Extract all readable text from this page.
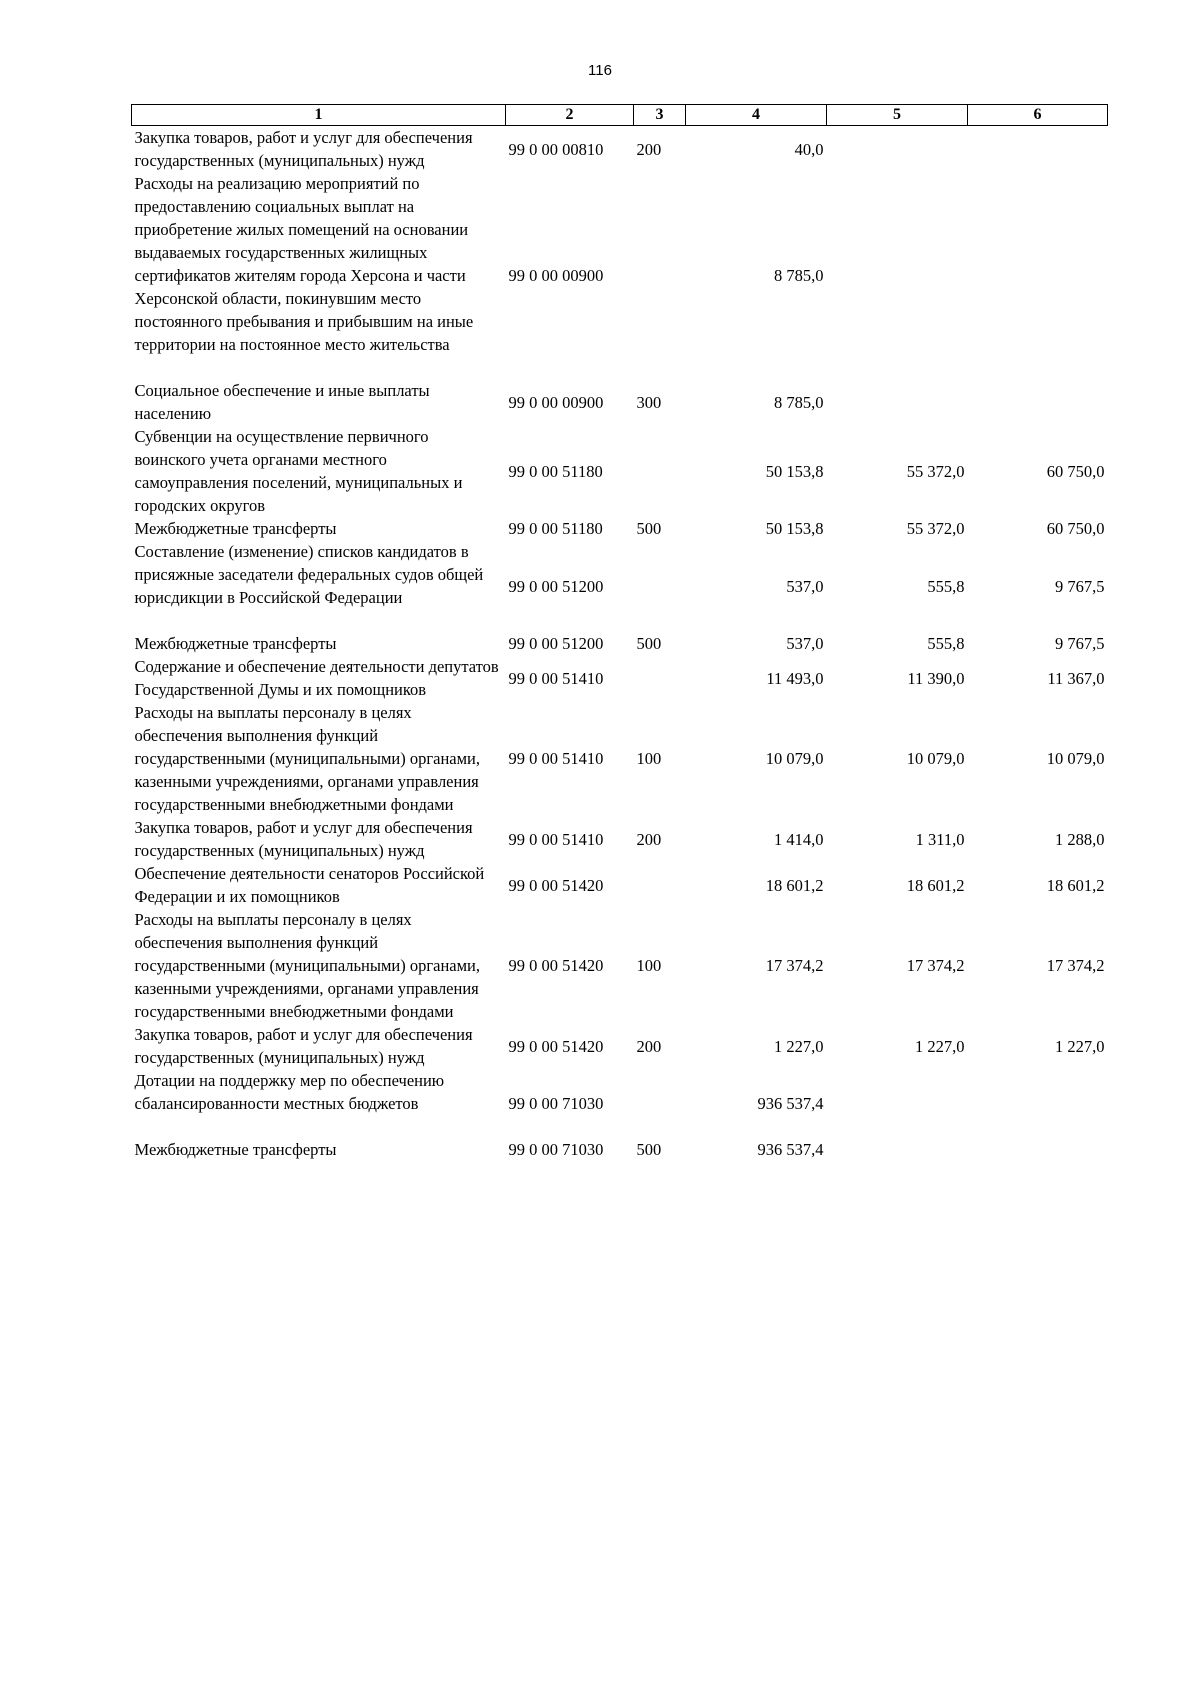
116
1	2	3	4	5	6
Закупка товаров, работ и услуг для обеспечения государственных (муниципальных) нужд	99 0 00 00810	200	40,0		
Расходы на реализацию мероприятий по предоставлению социальных выплат на приобретение жилых помещений на основании выдаваемых государственных жилищных сертификатов жителям города Херсона и части Херсонской области, покинувшим место постоянного пребывания и прибывшим на иные территории на постоянное место жительства	99 0 00 00900		8 785,0		
Социальное обеспечение и иные выплаты населению	99 0 00 00900	300	8 785,0		
Субвенции на осуществление первичного воинского учета органами местного самоуправления поселений, муниципальных и городских округов	99 0 00 51180		50 153,8	55 372,0	60 750,0
Межбюджетные трансферты	99 0 00 51180	500	50 153,8	55 372,0	60 750,0
Составление (изменение) списков кандидатов в присяжные заседатели федеральных судов общей юрисдикции в Российской Федерации	99 0 00 51200		537,0	555,8	9 767,5
Межбюджетные трансферты	99 0 00 51200	500	537,0	555,8	9 767,5
Содержание и обеспечение деятельности депутатов Государственной Думы и их помощников	99 0 00 51410		11 493,0	11 390,0	11 367,0
Расходы на выплаты персоналу в целях обеспечения выполнения функций государственными (муниципальными) органами, казенными учреждениями, органами управления государственными внебюджетными фондами	99 0 00 51410	100	10 079,0	10 079,0	10 079,0
Закупка товаров, работ и услуг для обеспечения государственных (муниципальных) нужд	99 0 00 51410	200	1 414,0	1 311,0	1 288,0
Обеспечение деятельности сенаторов Российской Федерации и их помощников	99 0 00 51420		18 601,2	18 601,2	18 601,2
Расходы на выплаты персоналу в целях обеспечения выполнения функций государственными (муниципальными) органами, казенными учреждениями, органами управления государственными внебюджетными фондами	99 0 00 51420	100	17 374,2	17 374,2	17 374,2
Закупка товаров, работ и услуг для обеспечения государственных (муниципальных) нужд	99 0 00 51420	200	1 227,0	1 227,0	1 227,0
Дотации на поддержку мер по обеспечению сбалансированности местных бюджетов	99 0 00 71030		936 537,4		
Межбюджетные трансферты	99 0 00 71030	500	936 537,4		
